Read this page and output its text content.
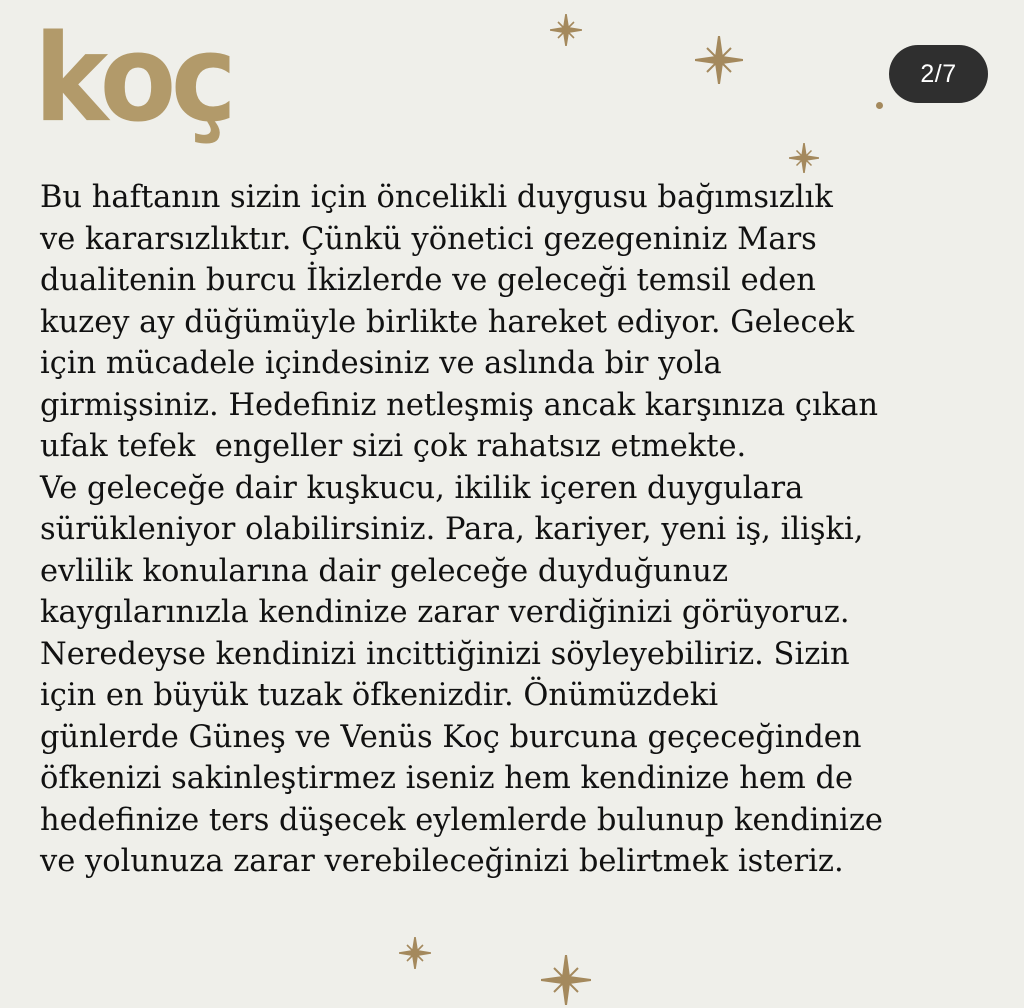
koç	2/7
Bu haftanın sizin için öncelikli duygusu bağımsızlık
ve kararsızlıktır. Çünkü yönetici gezegeniniz Mars
dualitenin burcu İkizlerde ve geleceği temsil eden
kuzey ay düğümüyle birlikte hareket ediyor. Gelecek
için mücadele içindesiniz ve aslında bir yola
girmişsiniz. Hedefiniz netleşmiş ancak karşınıza çıkan
ufak tefek  engeller sizi çok rahatsız etmekte.
Ve geleceğe dair kuşkucu, ikilik içeren duygulara
sürükleniyor olabilirsiniz. Para, kariyer, yeni iş, ilişki,
evlilik konularına dair geleceğe duyduğunuz
kaygılarınızla kendinize zarar verdiğinizi görüyoruz.
Neredeyse kendinizi incittiğinizi söyleyebiliriz. Sizin
için en büyük tuzak öfkenizdir. Önümüzdeki
günlerde Güneş ve Venüs Koç burcuna geçeceğinden
öfkenizi sakinleştirmez iseniz hem kendinize hem de
hedefinize ters düşecek eylemlerde bulunup kendinize
ve yolunuza zarar verebileceğinizi belirtmek isteriz.
